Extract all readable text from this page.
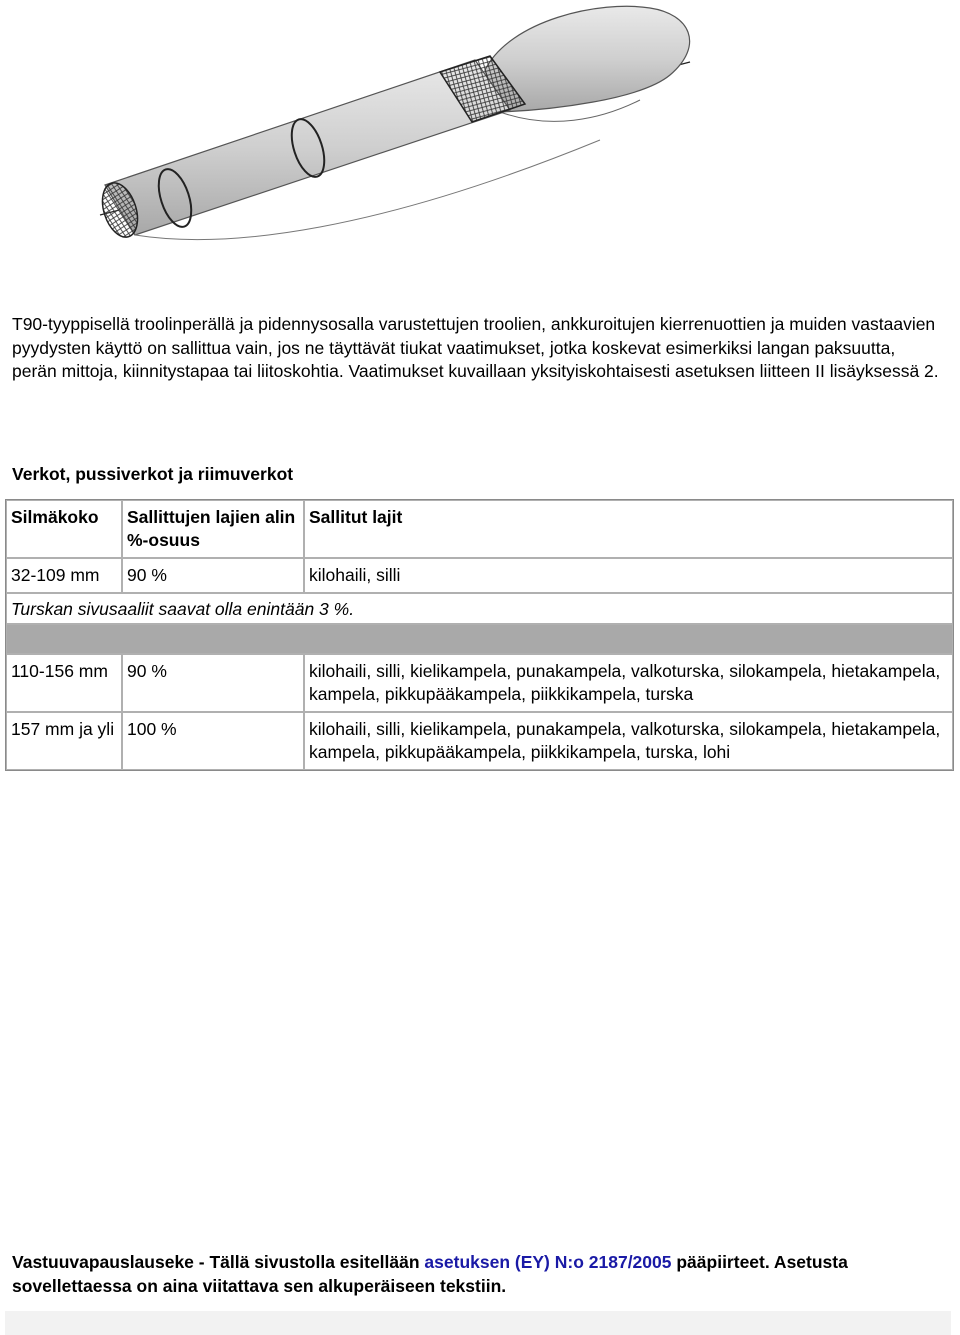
T90-tyyppisellä troolinperällä ja pidennysosalla varustettujen troolien, ankkuroitujen kierrenuottien ja muiden vastaavien pyydysten käyttö on sallittua vain, jos ne täyttävät tiukat vaatimukset, jotka koskevat esimerkiksi langan paksuutta, perän mittoja, kiinnitystapaa tai liitoskohtia. Vaatimukset kuvaillaan yksityiskohtaisesti asetuksen liitteen II lisäyksessä 2.

Verkot, pussiverkot ja riimuverkot

Silmäkoko	Sallittujen lajien alin %-osuus	Sallitut lajit
32-109 mm	90 %	kilohaili, silli
Turskan sivusaaliit saavat olla enintään 3 %.		

110-156 mm	90 %	kilohaili, silli, kielikampela, punakampela, valkoturska, silokampela, hietakampela, kampela, pikkupääkampela, piikkikampela, turska
157 mm ja yli	100 %	kilohaili, silli, kielikampela, punakampela, valkoturska, silokampela, hietakampela, kampela, pikkupääkampela, piikkikampela, turska, lohi

Vastuuvapauslauseke - Tällä sivustolla esitellään asetuksen (EY) N:o 2187/2005 pääpiirteet. Asetusta sovellettaessa on aina viitattava sen alkuperäiseen tekstiin.
